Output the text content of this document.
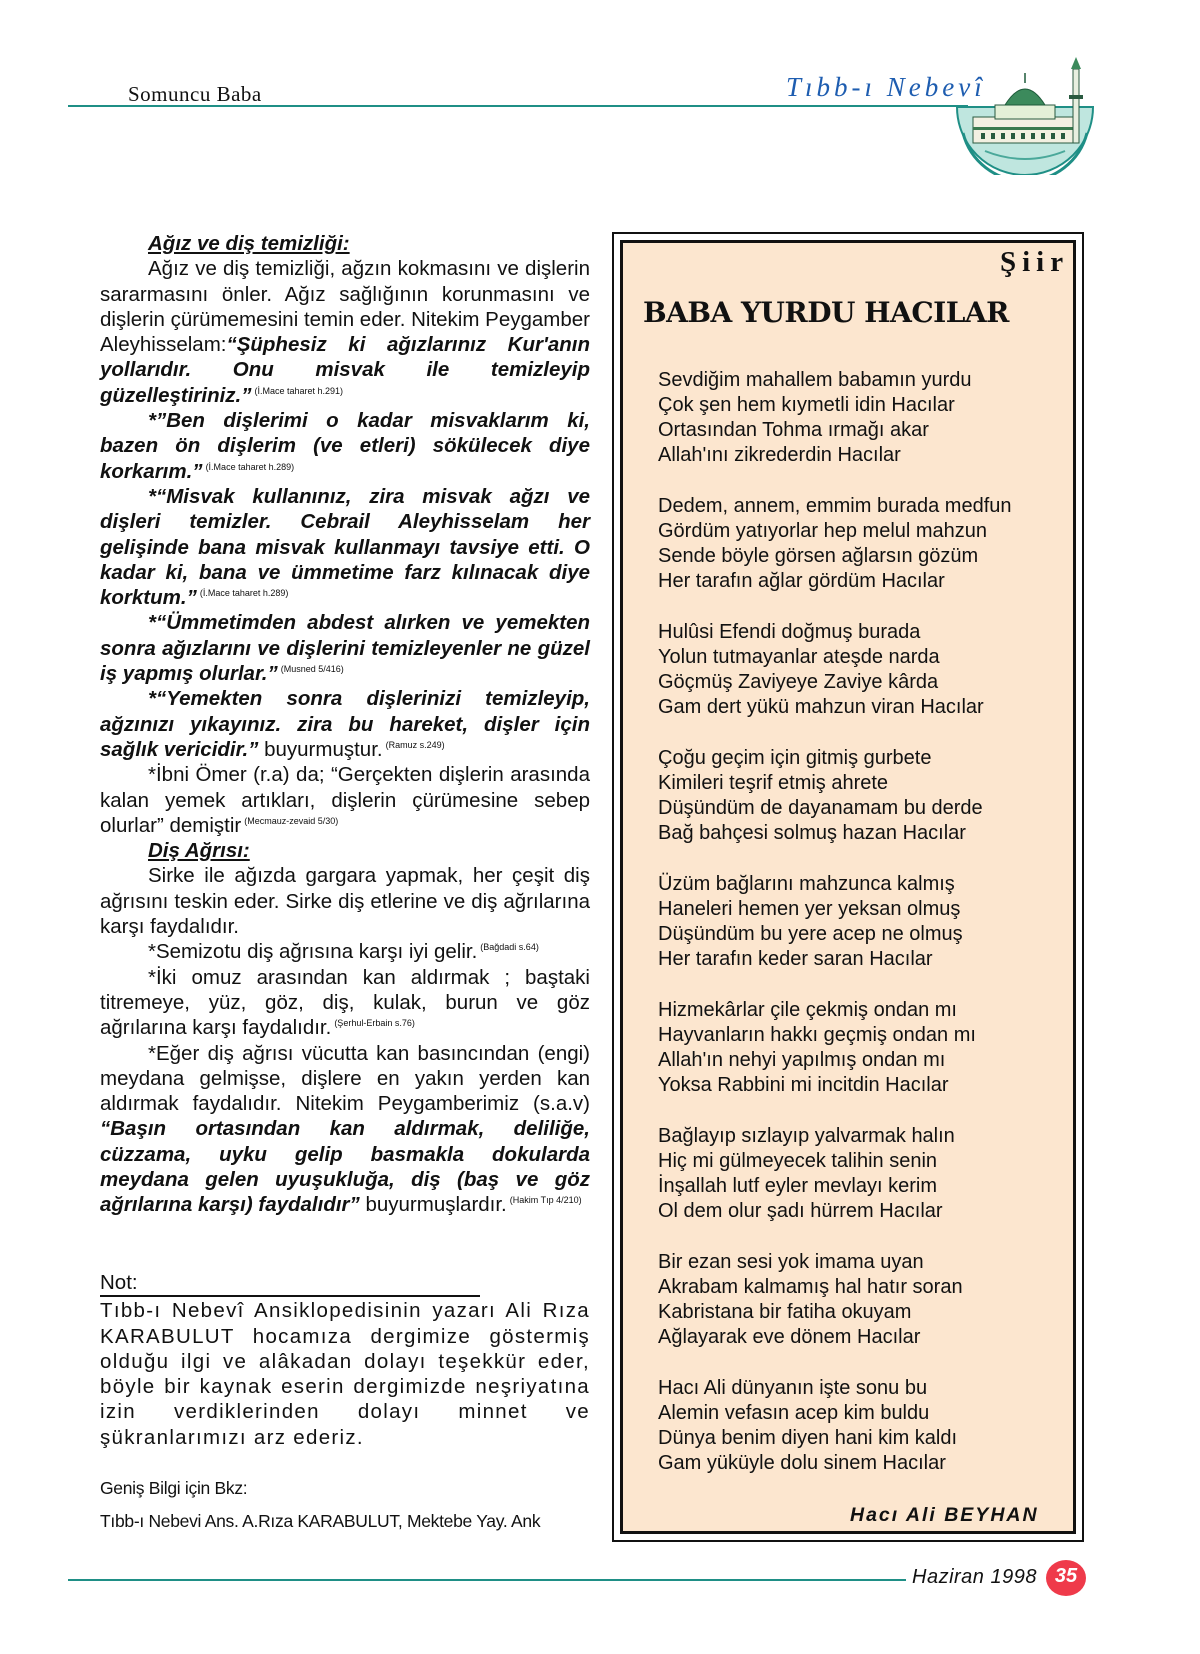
Somuncu Baba	Tıbb-ı Nebevî

Ağız ve diş temizliği:

Ağız ve diş temizliği, ağzın kokmasını ve dişlerin sararmasını önler. Ağız sağlığının korunmasını ve dişlerin çürümemesini temin eder. Nitekim Peygamber Aleyhisselam:“Şüphesiz ki ağızlarınız Kur'anın yollarıdır. Onu misvak ile temizleyip güzelleştiriniz.” $^{(İ.Mace taharet h.291)}$

*”Ben dişlerimi o kadar misvaklarım ki, bazen ön dişlerim (ve etleri) sökülecek diye korkarım.” $^{(İ.Mace taharet h.289)}$

*“Misvak kullanınız, zira misvak ağzı ve dişleri temizler. Cebrail Aleyhisselam her gelişinde bana misvak kullanmayı tavsiye etti. O kadar ki, bana ve ümmetime farz kılınacak diye korktum.” $^{(İ.Mace taharet h.289)}$

*“Ümmetimden abdest alırken ve yemekten sonra ağızlarını ve dişlerini temizleyenler ne güzel iş yapmış olurlar.” $^{(Musned 5/416)}$

*“Yemekten sonra dişlerinizi temizleyip, ağzınızı yıkayınız. zira bu hareket, dişler için sağlık vericidir.” buyurmuştur. $^{(Ramuz s.249)}$

*İbni Ömer (r.a) da; “Gerçekten dişlerin arasında kalan yemek artıkları, dişlerin çürümesine sebep olurlar” demiştir $^{(Mecmauz-zevaid 5/30)}$

Diş Ağrısı:

Sirke ile ağızda gargara yapmak, her çeşit diş ağrısını teskin eder. Sirke diş etlerine ve diş ağrılarına karşı faydalıdır.

*Semizotu diş ağrısına karşı iyi gelir. $^{(Bağdadi s.64)}$

*İki omuz arasından kan aldırmak ; baştaki titremeye, yüz, göz, diş, kulak, burun ve göz ağrılarına karşı faydalıdır. $^{(Şerhul-Erbain s.76)}$

*Eğer diş ağrısı vücutta kan basıncından (engi) meydana gelmişse, dişlere en yakın yerden kan aldırmak faydalıdır. Nitekim Peygamberimiz (s.a.v) “Başın ortasından kan aldırmak, deliliğe, cüzzama, uyku gelip basmakla dokularda meydana gelen uyuşukluğa, diş (baş ve göz ağrılarına karşı) faydalıdır” buyurmuşlardır. $^{(Hakim Tıp 4/210)}$

Not:
Tıbb-ı Nebevî Ansiklopedisinin yazarı Ali Rıza KARABULUT hocamıza dergimize göstermiş olduğu ilgi ve alâkadan dolayı teşekkür eder, böyle bir kaynak eserin dergimizde neşriyatına izin verdiklerinden dolayı minnet ve şükranlarımızı arz ederiz.
Geniş Bilgi için Bkz:
Tıbb-ı Nebevi Ans. A.Rıza KARABULUT, Mektebe Yay. Ank
Şiir
BABA YURDU HACILAR
Sevdiğim mahallem babamın yurdu
Çok şen hem kıymetli idin Hacılar
Ortasından Tohma ırmağı akar
Allah'ını zikrederdin Hacılar
Dedem, annem, emmim burada medfun
Gördüm yatıyorlar hep melul mahzun
Sende böyle görsen ağlarsın gözüm
Her tarafın ağlar gördüm Hacılar
Hulûsi Efendi doğmuş burada
Yolun tutmayanlar ateşde narda
Göçmüş Zaviyeye Zaviye kârda
Gam dert yükü mahzun viran Hacılar
Çoğu geçim için gitmiş gurbete
Kimileri teşrif etmiş ahrete
Düşündüm de dayanamam bu derde
Bağ bahçesi solmuş hazan Hacılar
Üzüm bağlarını mahzunca kalmış
Haneleri hemen yer yeksan olmuş
Düşündüm bu yere acep ne olmuş
Her tarafın keder saran Hacılar
Hizmekârlar çile çekmiş ondan mı
Hayvanların hakkı geçmiş ondan mı
Allah'ın nehyi yapılmış ondan mı
Yoksa Rabbini mi incitdin Hacılar
Bağlayıp sızlayıp yalvarmak halın
Hiç mi gülmeyecek talihin senin
İnşallah lutf eyler mevlayı kerim
Ol dem olur şadı hürrem Hacılar
Bir ezan sesi yok imama uyan
Akrabam kalmamış hal hatır soran
Kabristana bir fatiha okuyam
Ağlayarak eve dönem Hacılar
Hacı Ali dünyanın işte sonu bu
Alemin vefasın acep kim buldu
Dünya benim diyen hani kim kaldı
Gam yüküyle dolu sinem Hacılar
Hacı Ali BEYHAN
Haziran 1998 35
